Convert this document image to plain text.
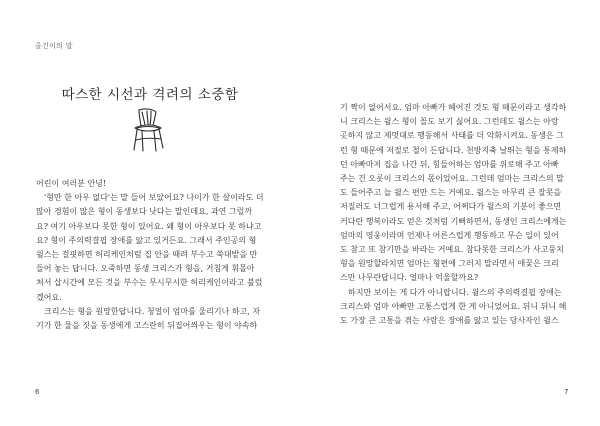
올긴이의 말
따스한 시선과 격려의 소중함
어린이 여러분 안녕!
'형만 한 아우 없다'는 말 들어 보았어요? 나이가 한 살이라도 더
많아 경험이 많은 형이 동생보다 낫다는 말인데요, 과연 그럴까
요? 여기 아우보다 못한 형이 있어요. 왜 형이 아우보다 못 하냐고
요? 형이 주의력결핍 장애를 앓고 있거든요. 그래서 주인공의 형
윌스는 걸핏하면 허리케인처럼 집 안을 때려 부수고 쑥대밭을 만
들어 놓는 답니다. 오죽하면 동생 크리스가 형을, 거침게 휘몰아
쳐서 삽시간에 모든 것을 부수는 무시무시한 허리케인이라고 불렀
겠어요.
크리스는 형을 원망한답니다. 청얼이 엄마를 울리기나 하고, 자
기가 한 물을 짓을 동생에게 고스란히 뒤집어씌우는 형이 야속하
6
기 짝이 없어서요. 엄마 아빠가 헤어진 것도 형 때문이라고 생각하
니 크리스는 윌스 형이 꼴도 보기 싫어요. 그런데도 윌스는 아랑
곳하지 않고 제멋대로 행동해서 사태를 더 악화시켜요. 동생은 그
런 형 때문에 저절로 철이 든답니다. 천방지축 날뛰는 형을 통제하
던 아빠마저 집을 나간 뒤, 힘들어하는 엄마를 위로해 주고 아빠
주는 건 오롯이 크리스의 몫이었어요. 그런데 엄마는 크리스의 말
도 들어주고 늘 윌스 편만 드는 거예요. 윌스는 아무리 큰 잘못을
저질러도 너그럽게 용서해 주고, 어쩌다가 윌스의 기분이 좋으면
커다란 행복이라도 얻은 것처럼 기뻐하면서, 동생인 크리스에게는
엄마의 영웅이라며 언제나 어른스럽게 행동하고 무슨 일이 있어
도 참고 또 참기만을 바라는 거예요. 참다못한 크리스가 사고뭉치
형을 원망할라치면 엄마는 형편에 그러지 말라면서 애꿎은 크리
스만 나무란답니다. 얼마나 억울할까요?
하지만 보이는 게 다가 아니랍니다. 윌스의 주의력결핍 장애는
크리스와 엄마 아빠만 고통스럽게 한 게 아니었어요. 뒤니 뒤니 해
도 가장 큰 고통을 겪는 사람은 장애를 앓고 있는 당사자인 윌스
7
